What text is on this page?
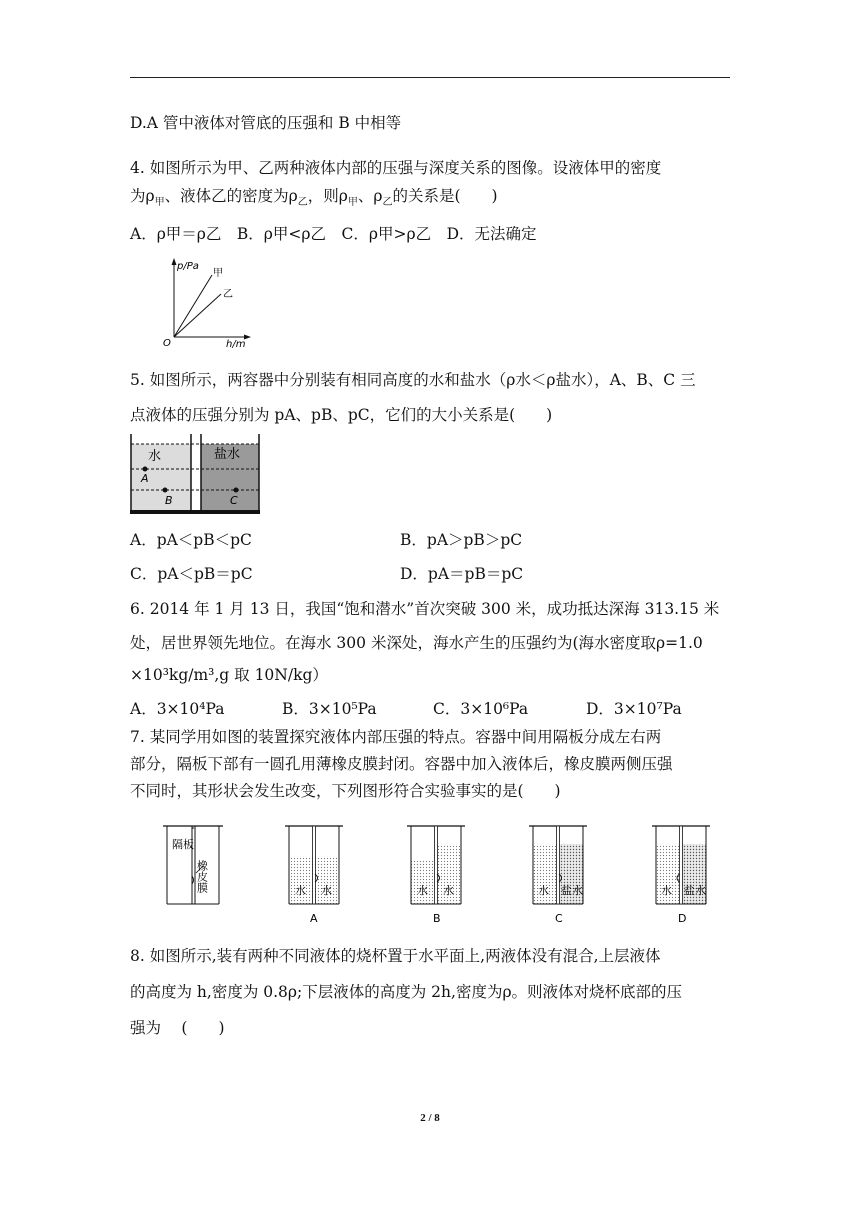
D.A 管中液体对管底的压强和 B 中相等
4. 如图所示为甲、乙两种液体内部的压强与深度关系的图像。设液体甲的密度
为$\rho_甲$、液体乙的密度为$\rho_乙$，则$\rho_甲$、$\rho_乙$的关系是(　　)
A．ρ甲＝ρ乙　B．ρ甲<ρ乙　C．ρ甲>ρ乙　D．无法确定
p/Pa
h/m
O
甲
乙
5. 如图所示，两容器中分别装有相同高度的水和盐水（ρ水＜ρ盐水），A、B、C 三
点液体的压强分别为 pA、pB、pC，它们的大小关系是(　　)
水	盐水
A
B	C
A．pA＜pB＜pC	B．pA＞pB＞pC
C．pA＜pB＝pC	D．pA＝pB＝pC
6. 2014 年 1 月 13 日，我国“饱和潜水”首次突破 300 米，成功抵达深海 313.15 米
处，居世界领先地位。在海水 300 米深处，海水产生的压强约为(海水密度取ρ=1.0
×10³kg/m³,g 取 10N/kg）
A．3×10⁴Pa	B．3×10⁵Pa	C．3×10⁶Pa	D．3×10⁷Pa
7. 某同学用如图的装置探究液体内部压强的特点。容器中间用隔板分成左右两
部分，隔板下部有一圆孔用薄橡皮膜封闭。容器中加入液体后，橡皮膜两侧压强
不同时，其形状会发生改变，下列图形符合实验事实的是(　　)
隔板
橡皮膜	水 水
A
水 水
B
水 盐水
C
水 盐水
D
8. 如图所示,装有两种不同液体的烧杯置于水平面上,两液体没有混合,上层液体
的高度为 h,密度为 0.8ρ;下层液体的高度为 2h,密度为ρ。则液体对烧杯底部的压
强为　 (　　)
2 / 8
